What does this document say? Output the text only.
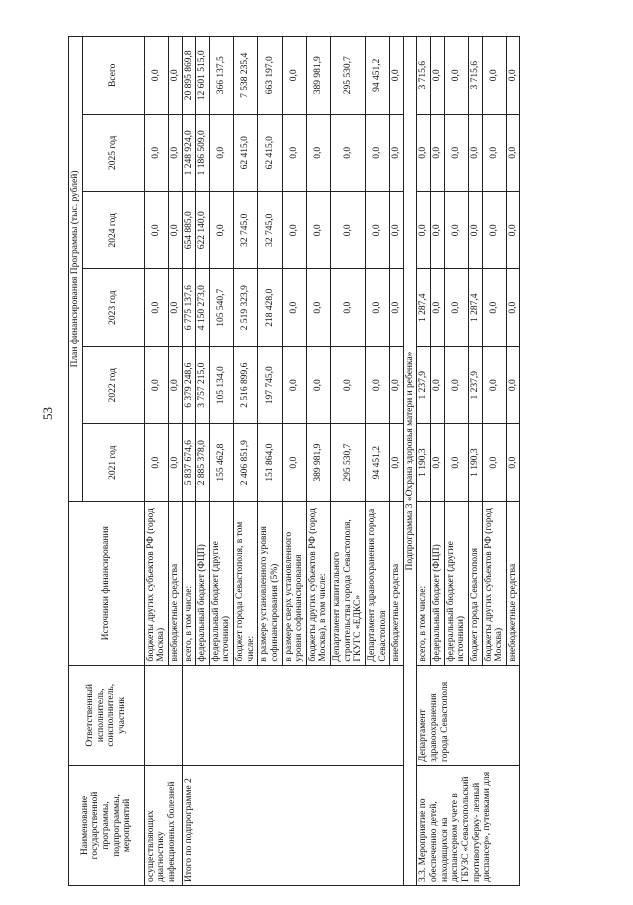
53
Наименование государственной программы, подпрограммы, мероприятий	Ответственный исполнитель, соисполнитель, участник	Источники финансирования	План финансирования Программы (тыс. рублей)					
			2021 год	2022 год	2023 год	2024 год	2025 год	Всего
осуществляющих диагностику инфекционных болезней		бюджеты других субъектов РФ (город Москва)	0,0	0,0	0,0	0,0	0,0	0,0
		внебюджетные средства	0,0	0,0	0,0	0,0	0,0	0,0
Итого по подпрограмме 2		всего, в том числе:	5 837 674,6	6 379 248,6	6 775 137,6	654 885,0	1 248 924,0	20 895 869,8
		федеральный бюджет (ФЦП)	2 885 378,0	3 757 215,0	4 150 273,0	622 140,0	1 186 509,0	12 601 515,0
		федеральный бюджет (другие источники)	155 462,8	105 134,0	105 540,7	0,0	0,0	366 137,5
		бюджет города Севастополя, в том числе:	2 406 851,9	2 516 899,6	2 519 323,9	32 745,0	62 415,0	7 538 235,4
		в размере установленного уровня софинансирования (5%)	151 864,0	197 745,0	218 428,0	32 745,0	62 415,0	663 197,0
		в размере сверх установленного уровня софинансирования	0,0	0,0	0,0	0,0	0,0	0,0
		бюджеты других субъектов РФ (город Москва), в том числе:	389 981,9	0,0	0,0	0,0	0,0	389 981,9
		Департамент капитального строительства города Севастополя, ГКУГС «ЕДКС»	295 530,7	0,0	0,0	0,0	0,0	295 530,7
		Департамент здравоохранения города Севастополя	94 451,2	0,0	0,0	0,0	0,0	94 451,2
		внебюджетные средства	0,0	0,0	0,0	0,0	0,0	0,0
Подпрограмма 3 «Охрана здоровья матери и ребенка»								
3.3. Мероприятие по обеспечению детей, находящихся на диспансерном учете в ГБУЗС «Севастопольский противотуберку- лезный диспансер», путевками для	Департамент здравоохранения города Севастополя	всего, в том числе:	1 190,3	1 237,9	1 287,4	0,0	0,0	3 715,6
		федеральный бюджет (ФЦП)	0,0	0,0	0,0	0,0	0,0	0,0
		федеральный бюджет (другие источники)	0,0	0,0	0,0	0,0	0,0	0,0
		бюджет города Севастополя	1 190,3	1 237,9	1 287,4	0,0	0,0	3 715,6
		бюджеты других субъектов РФ (город Москва)	0,0	0,0	0,0	0,0	0,0	0,0
		внебюджетные средства	0,0	0,0	0,0	0,0	0,0	0,0
